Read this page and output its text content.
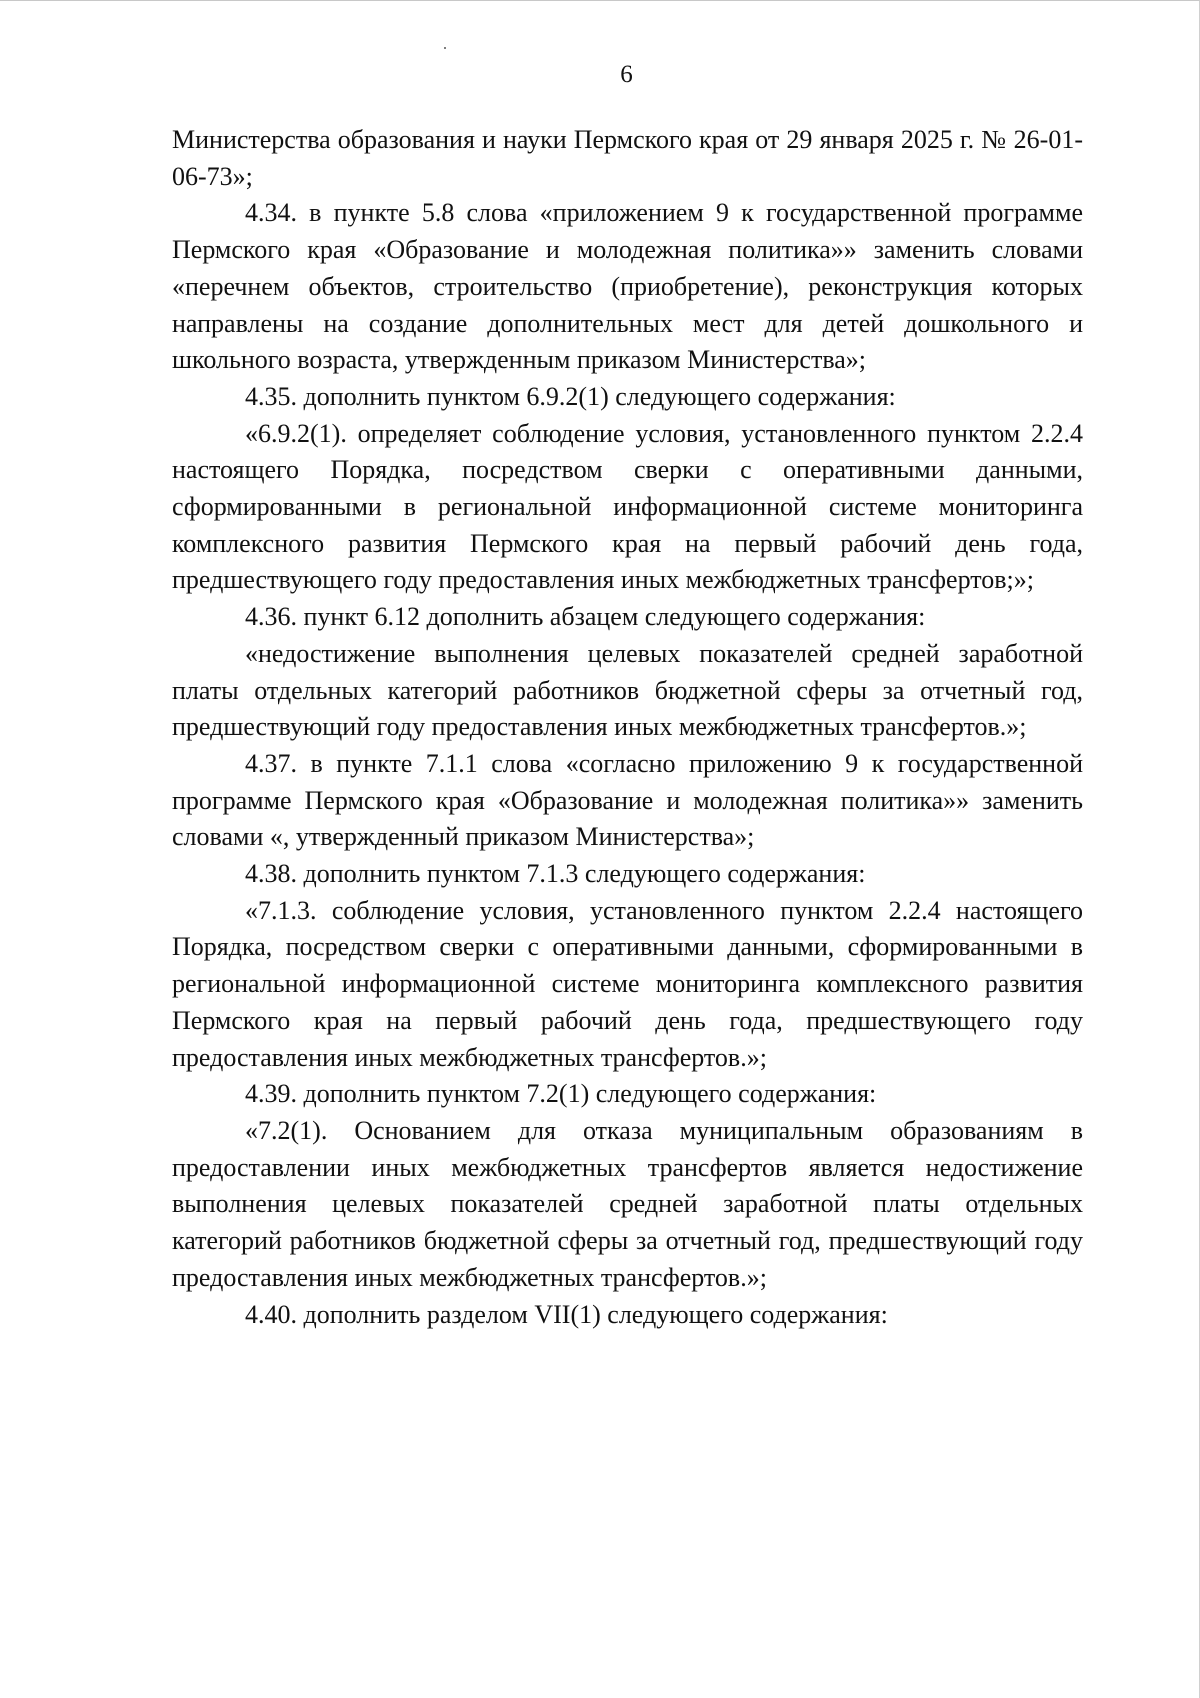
6

Министерства образования и науки Пермского края от 29 января 2025 г. № 26-01-06-73»;

4.34. в пункте 5.8 слова «приложением 9 к государственной программе Пермского края «Образование и молодежная политика»» заменить словами «перечнем объектов, строительство (приобретение), реконструкция которых направлены на создание дополнительных мест для детей дошкольного и школьного возраста, утвержденным приказом Министерства»;

4.35. дополнить пунктом 6.9.2(1) следующего содержания:

«6.9.2(1). определяет соблюдение условия, установленного пунктом 2.2.4 настоящего Порядка, посредством сверки с оперативными данными, сформированными в региональной информационной системе мониторинга комплексного развития Пермского края на первый рабочий день года, предшествующего году предоставления иных межбюджетных трансфертов;»;

4.36. пункт 6.12 дополнить абзацем следующего содержания:

«недостижение выполнения целевых показателей средней заработной платы отдельных категорий работников бюджетной сферы за отчетный год, предшествующий году предоставления иных межбюджетных трансфертов.»;

4.37. в пункте 7.1.1 слова «согласно приложению 9 к государственной программе Пермского края «Образование и молодежная политика»» заменить словами «, утвержденный приказом Министерства»;

4.38. дополнить пунктом 7.1.3 следующего содержания:

«7.1.3. соблюдение условия, установленного пунктом 2.2.4 настоящего Порядка, посредством сверки с оперативными данными, сформированными в региональной информационной системе мониторинга комплексного развития Пермского края на первый рабочий день года, предшествующего году предоставления иных межбюджетных трансфертов.»;

4.39. дополнить пунктом 7.2(1) следующего содержания:

«7.2(1). Основанием для отказа муниципальным образованиям в предоставлении иных межбюджетных трансфертов является недостижение выполнения целевых показателей средней заработной платы отдельных категорий работников бюджетной сферы за отчетный год, предшествующий году предоставления иных межбюджетных трансфертов.»;

4.40. дополнить разделом VII(1) следующего содержания:
